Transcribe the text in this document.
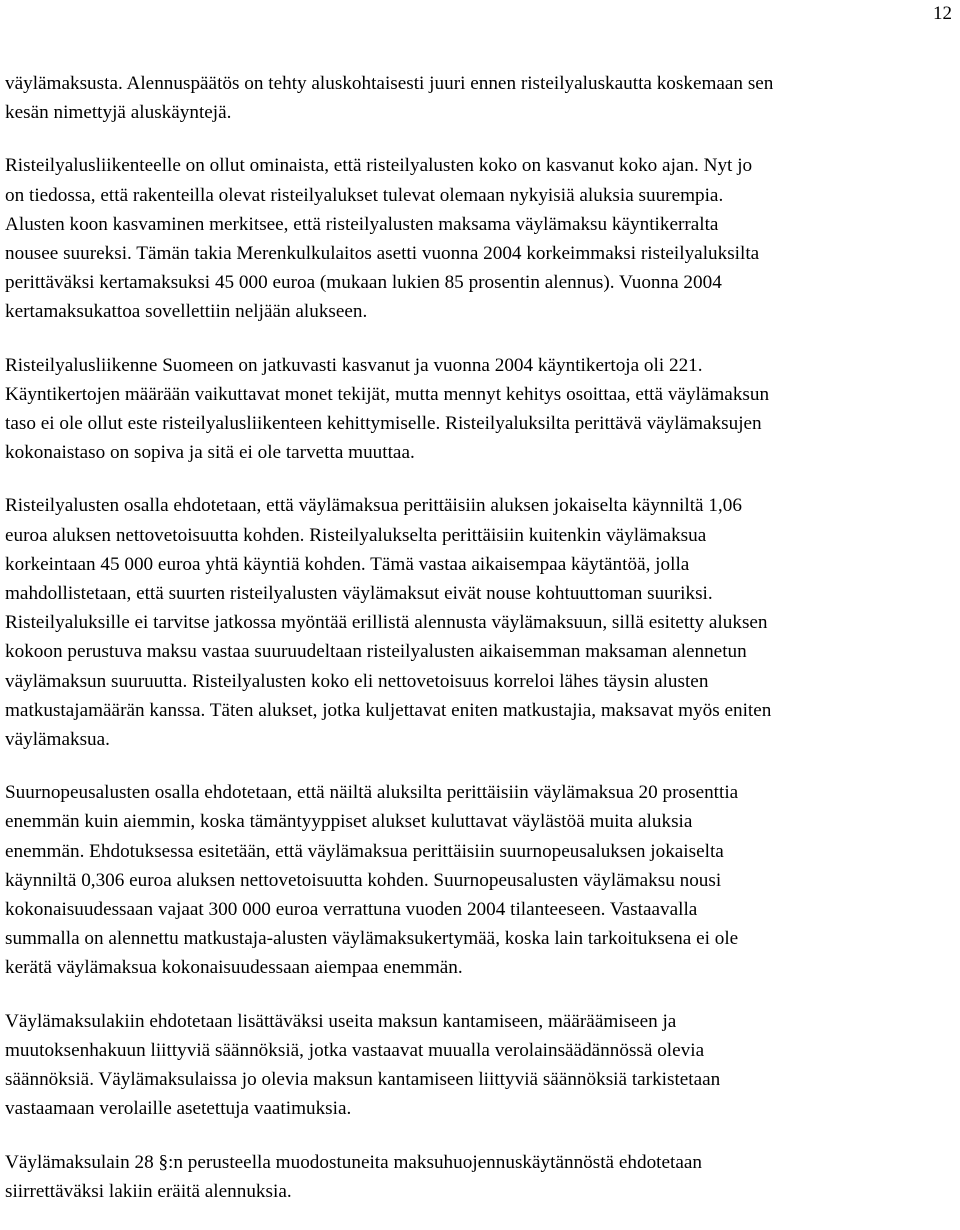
12

väylämaksusta. Alennuspäätös on tehty aluskohtaisesti juuri ennen risteilyaluskautta koskemaan sen
kesän nimettyjä aluskäyntejä.

Risteilyalusliikenteelle on ollut ominaista, että risteilyalusten koko on kasvanut koko ajan. Nyt jo
on tiedossa, että rakenteilla olevat risteilyalukset tulevat olemaan nykyisiä aluksia suurempia.
Alusten koon kasvaminen merkitsee, että risteilyalusten maksama väylämaksu käyntikerralta
nousee suureksi. Tämän takia Merenkulkulaitos asetti vuonna 2004 korkeimmaksi risteilyaluksilta
perittäväksi kertamaksuksi 45 000 euroa (mukaan lukien 85 prosentin alennus). Vuonna 2004
kertamaksukattoa sovellettiin neljään alukseen.

Risteilyalusliikenne Suomeen on jatkuvasti kasvanut ja vuonna 2004 käyntikertoja oli 221.
Käyntikertojen määrään vaikuttavat monet tekijät, mutta mennyt kehitys osoittaa, että väylämaksun
taso ei ole ollut este risteilyalusliikenteen kehittymiselle. Risteilyaluksilta perittävä väylämaksujen
kokonaistaso on sopiva ja sitä ei ole tarvetta muuttaa.

Risteilyalusten osalla ehdotetaan, että väylämaksua perittäisiin aluksen jokaiselta käynniltä 1,06
euroa aluksen nettovetoisuutta kohden. Risteilyalukselta perittäisiin kuitenkin väylämaksua
korkeintaan 45 000 euroa yhtä käyntiä kohden. Tämä vastaa aikaisempaa käytäntöä, jolla
mahdollistetaan, että suurten risteilyalusten väylämaksut eivät nouse kohtuuttoman suuriksi.
Risteilyaluksille ei tarvitse jatkossa myöntää erillistä alennusta väylämaksuun, sillä esitetty aluksen
kokoon perustuva maksu vastaa suuruudeltaan risteilyalusten aikaisemman maksaman alennetun
väylämaksun suuruutta. Risteilyalusten koko eli nettovetoisuus korreloi lähes täysin alusten
matkustajamäärän kanssa. Täten alukset, jotka kuljettavat eniten matkustajia, maksavat myös eniten
väylämaksua.

Suurnopeusalusten osalla ehdotetaan, että näiltä aluksilta perittäisiin väylämaksua 20 prosenttia
enemmän kuin aiemmin, koska tämäntyyppiset alukset kuluttavat väylästöä muita aluksia
enemmän. Ehdotuksessa esitetään, että väylämaksua perittäisiin suurnopeusaluksen jokaiselta
käynniltä 0,306 euroa aluksen nettovetoisuutta kohden. Suurnopeusalusten väylämaksu nousi
kokonaisuudessaan vajaat 300 000 euroa verrattuna vuoden 2004 tilanteeseen. Vastaavalla
summalla on alennettu matkustaja-alusten väylämaksukertymää, koska lain tarkoituksena ei ole
kerätä väylämaksua kokonaisuudessaan aiempaa enemmän.

Väylämaksulakiin ehdotetaan lisättäväksi useita maksun kantamiseen, määräämiseen ja
muutoksenhakuun liittyviä säännöksiä, jotka vastaavat muualla verolainsäädännössä olevia
säännöksiä. Väylämaksulaissa jo olevia maksun kantamiseen liittyviä säännöksiä tarkistetaan
vastaamaan verolaille asetettuja vaatimuksia.

Väylämaksulain 28 §:n perusteella muodostuneita maksuhuojennuskäytännöstä ehdotetaan
siirrettäväksi lakiin eräitä alennuksia.
